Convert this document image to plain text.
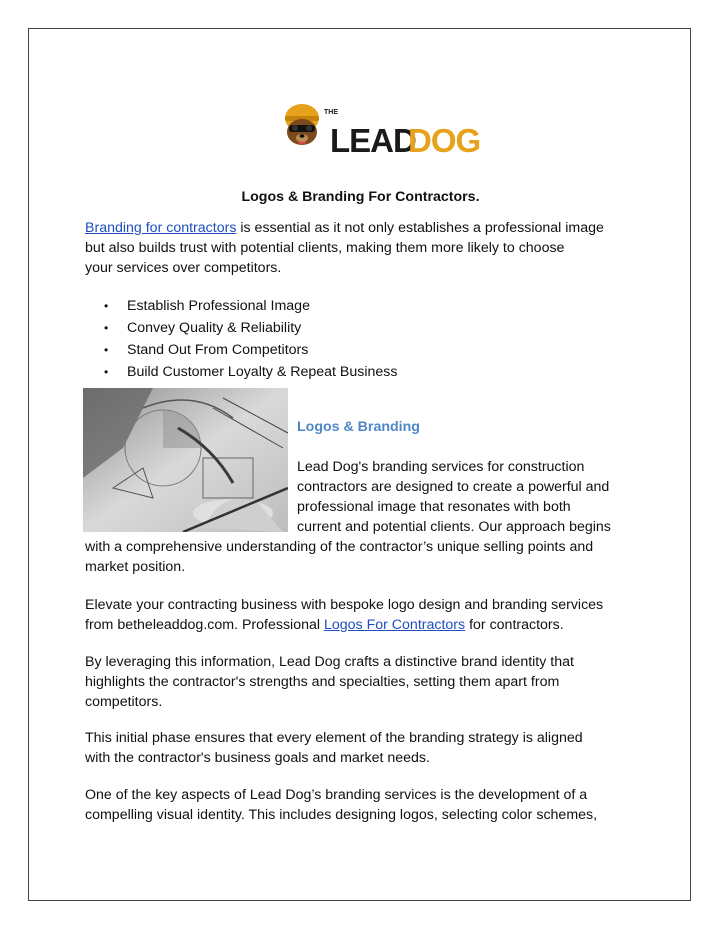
THE
LEAD
DOG
Logos & Branding For Contractors.

Branding for contractors is essential as it not only establishes a professional image
but also builds trust with potential clients, making them more likely to choose
your services over competitors.

• Establish Professional Image
• Convey Quality & Reliability
• Stand Out From Competitors
• Build Customer Loyalty & Repeat Business
Logos & Branding

Lead Dog's branding services for construction
contractors are designed to create a powerful and
professional image that resonates with both
current and potential clients. Our approach begins

with a comprehensive understanding of the contractor’s unique selling points and
market position.

Elevate your contracting business with bespoke logo design and branding services
from betheleaddog.com. Professional Logos For Contractors for contractors.

By leveraging this information, Lead Dog crafts a distinctive brand identity that
highlights the contractor's strengths and specialties, setting them apart from
competitors.

This initial phase ensures that every element of the branding strategy is aligned
with the contractor's business goals and market needs.

One of the key aspects of Lead Dog’s branding services is the development of a
compelling visual identity. This includes designing logos, selecting color schemes,
